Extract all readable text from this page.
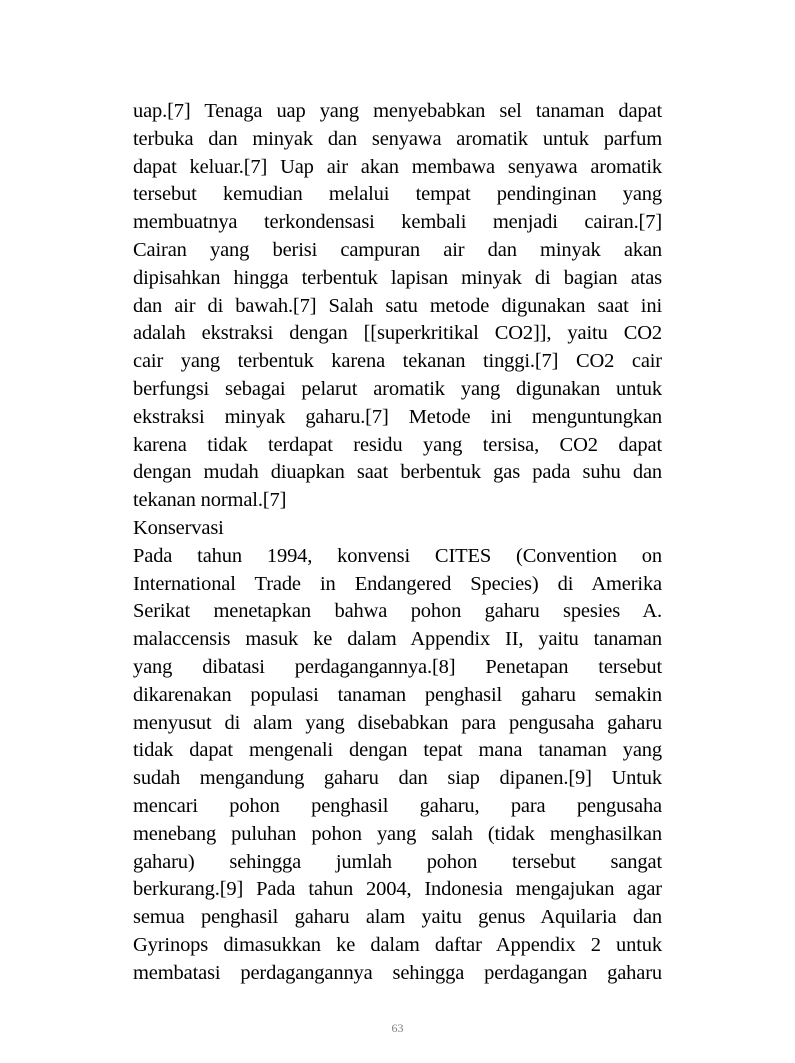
uap.[7] Tenaga uap yang menyebabkan sel tanaman dapat
terbuka dan minyak dan senyawa aromatik untuk parfum
dapat keluar.[7] Uap air akan membawa senyawa aromatik
tersebut kemudian melalui tempat pendinginan yang
membuatnya terkondensasi kembali menjadi cairan.[7]
Cairan yang berisi campuran air dan minyak akan
dipisahkan hingga terbentuk lapisan minyak di bagian atas
dan air di bawah.[7] Salah satu metode digunakan saat ini
adalah ekstraksi dengan [[superkritikal CO2]], yaitu CO2
cair yang terbentuk karena tekanan tinggi.[7] CO2 cair
berfungsi sebagai pelarut aromatik yang digunakan untuk
ekstraksi minyak gaharu.[7] Metode ini menguntungkan
karena tidak terdapat residu yang tersisa, CO2 dapat
dengan mudah diuapkan saat berbentuk gas pada suhu dan
tekanan normal.[7]
Konservasi
Pada tahun 1994, konvensi CITES (Convention on
International Trade in Endangered Species) di Amerika
Serikat menetapkan bahwa pohon gaharu spesies A.
malaccensis masuk ke dalam Appendix II, yaitu tanaman
yang dibatasi perdagangannya.[8] Penetapan tersebut
dikarenakan populasi tanaman penghasil gaharu semakin
menyusut di alam yang disebabkan para pengusaha gaharu
tidak dapat mengenali dengan tepat mana tanaman yang
sudah mengandung gaharu dan siap dipanen.[9] Untuk
mencari pohon penghasil gaharu, para pengusaha
menebang puluhan pohon yang salah (tidak menghasilkan
gaharu) sehingga jumlah pohon tersebut sangat
berkurang.[9] Pada tahun 2004, Indonesia mengajukan agar
semua penghasil gaharu alam yaitu genus Aquilaria dan
Gyrinops dimasukkan ke dalam daftar Appendix 2 untuk
membatasi perdagangannya sehingga perdagangan gaharu
63
